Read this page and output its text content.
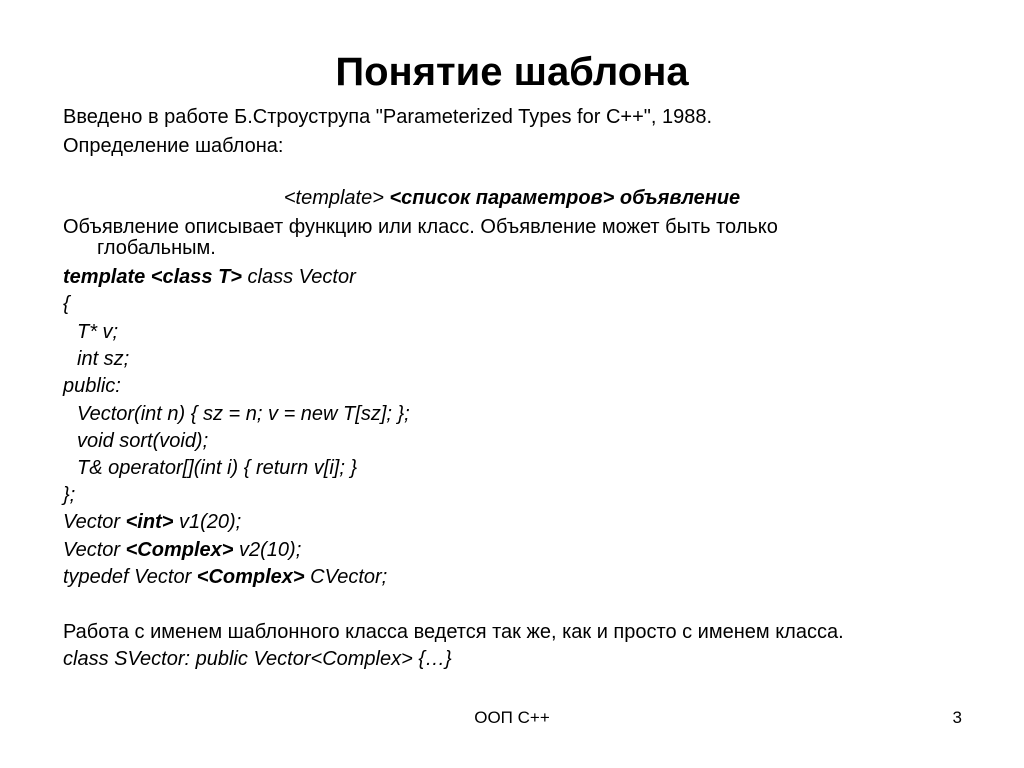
Понятие шаблона
Введено в работе Б.Строуструпа "Parameterized Types for C++", 1988.
Определение шаблона:
<template> <список параметров> объявление
Объявление описывает функцию или класс. Объявление может быть только
глобальным.
template <class T> class Vector
{
T* v;
int sz;
public:
Vector(int n) { sz = n; v = new T[sz]; };
void sort(void);
T& operator[](int i) { return v[i]; }
};
Vector <int> v1(20);
Vector <Complex> v2(10);
typedef Vector <Complex> CVector;
Работа с именем шаблонного класса ведется так же, как и просто с именем класса.
class SVector: public Vector<Complex> {…}
ООП C++	3
